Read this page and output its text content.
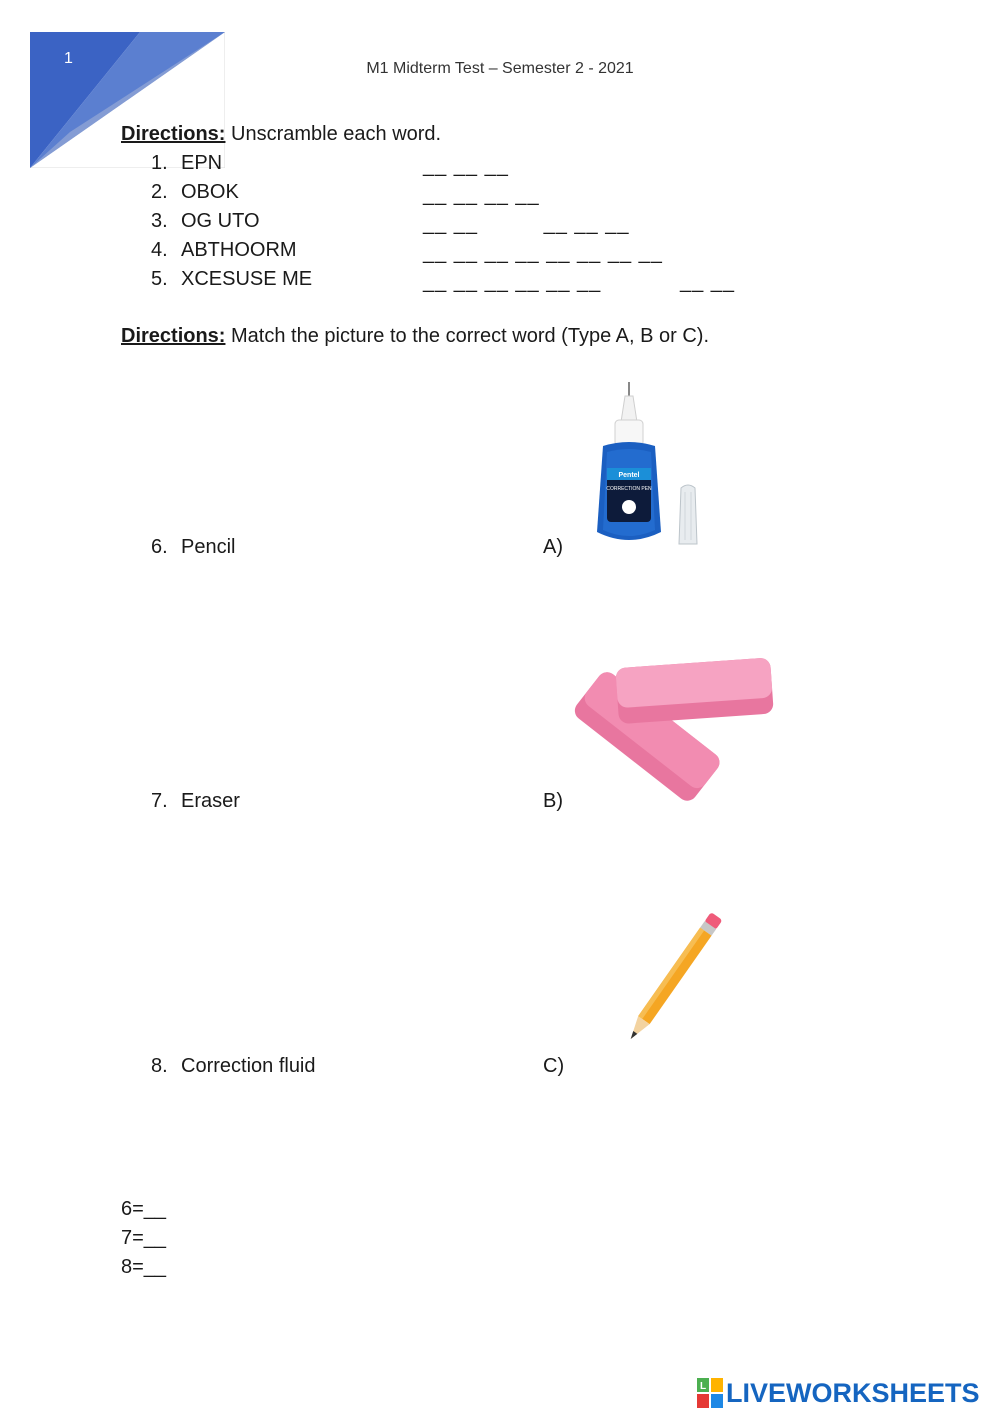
1
M1 Midterm Test – Semester 2 - 2021
Directions: Unscramble each word.
1. EPN	__ __ __
2. OBOK	__ __ __ __
3. OG UTO	__ __          __ __ __
4. ABTHOORM	__ __ __ __ __ __ __ __
5. XCESUSE ME	__ __ __ __ __ __            __ __
Directions: Match the picture to the correct word (Type A, B or C).
6. Pencil	A)
7. Eraser	B)
8. Correction fluid	C)
Pentel
CORRECTION PEN
6=__
7=__
8=__
L LIVEWORKSHEETS
